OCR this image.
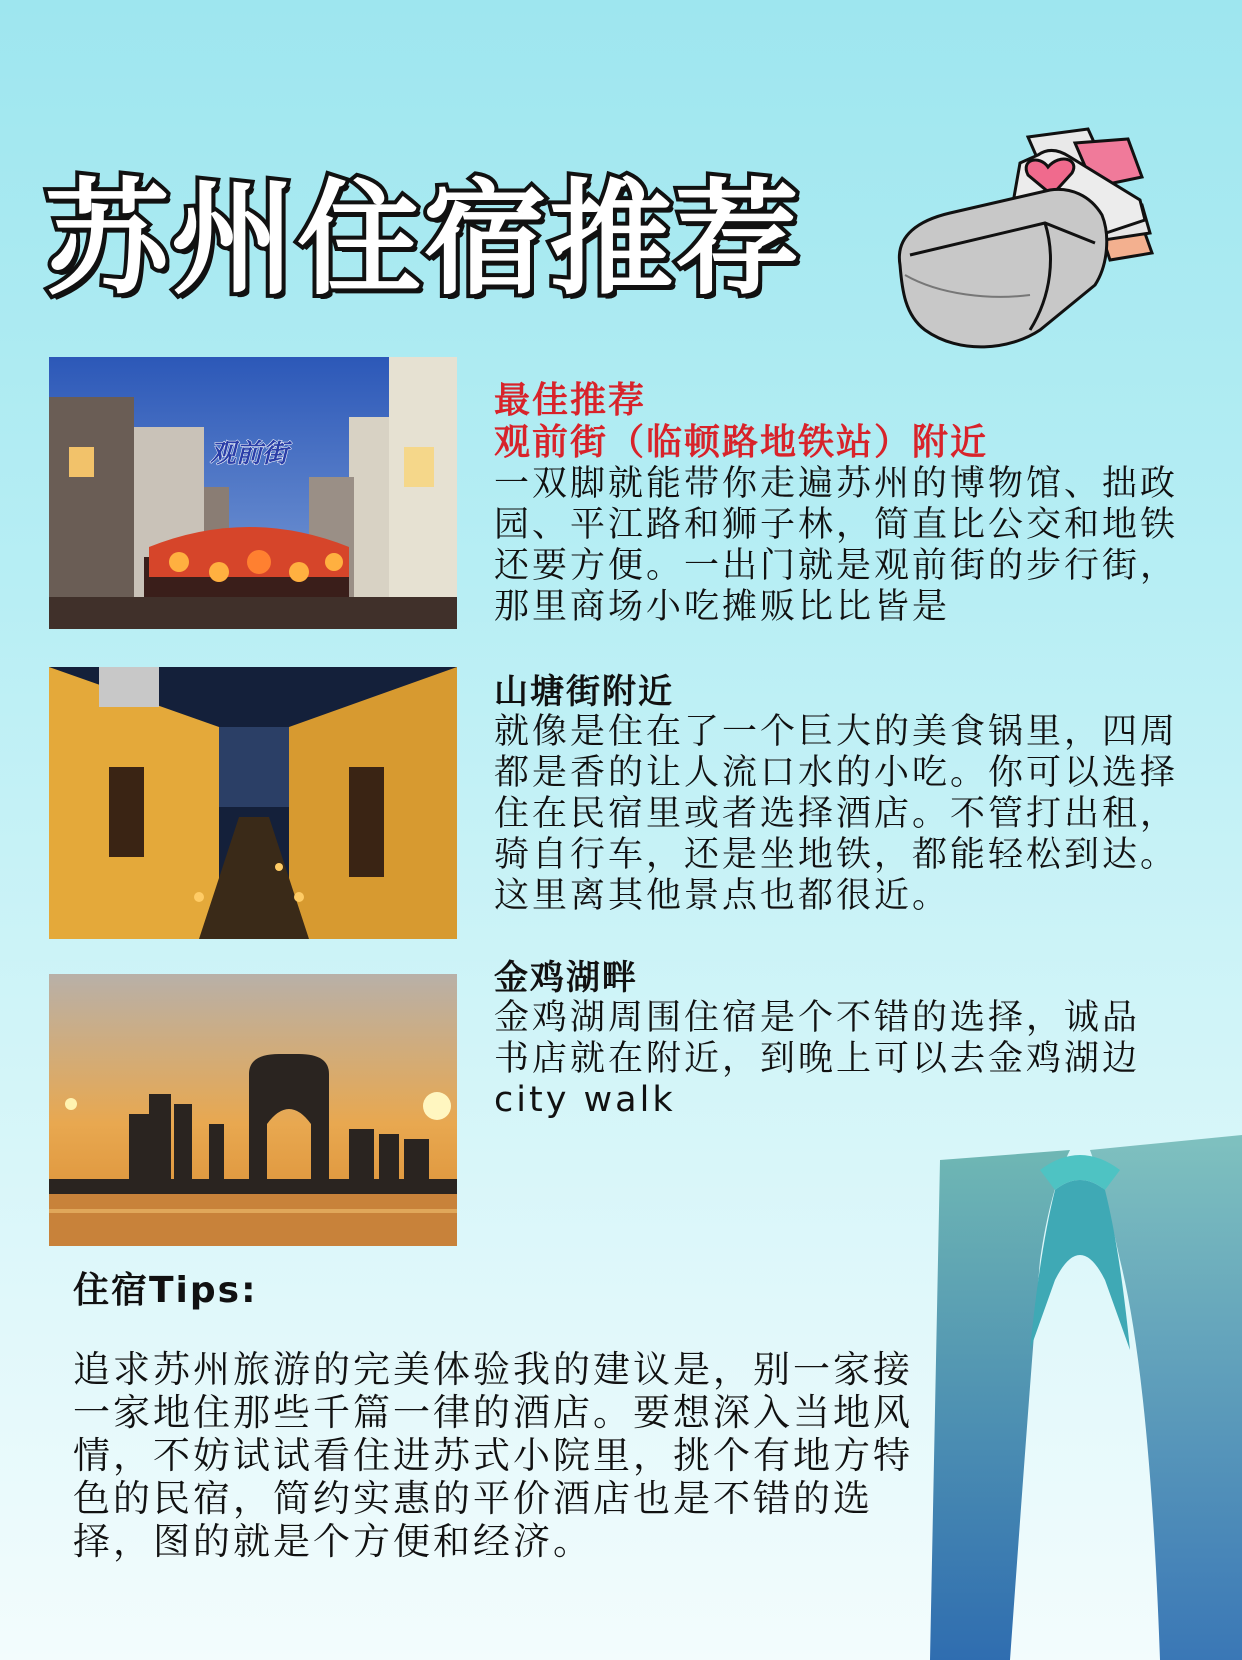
苏州住宿推荐
观前街
最佳推荐
观前街（临顿路地铁站）附近
一双脚就能带你走遍苏州的博物馆、拙政园、平江路和狮子林，简直比公交和地铁还要方便。一出门就是观前街的步行街，那里商场小吃摊贩比比皆是
山塘街附近
就像是住在了一个巨大的美食锅里，四周都是香的让人流口水的小吃。你可以选择住在民宿里或者选择酒店。不管打出租，骑自行车，还是坐地铁，都能轻松到达。这里离其他景点也都很近。
金鸡湖畔
金鸡湖周围住宿是个不错的选择，诚品书店就在附近，到晚上可以去金鸡湖边city walk
住宿Tips:
追求苏州旅游的完美体验我的建议是，别一家接一家地住那些千篇一律的酒店。要想深入当地风情，不妨试试看住进苏式小院里，挑个有地方特色的民宿，简约实惠的平价酒店也是不错的选择，图的就是个方便和经济。
